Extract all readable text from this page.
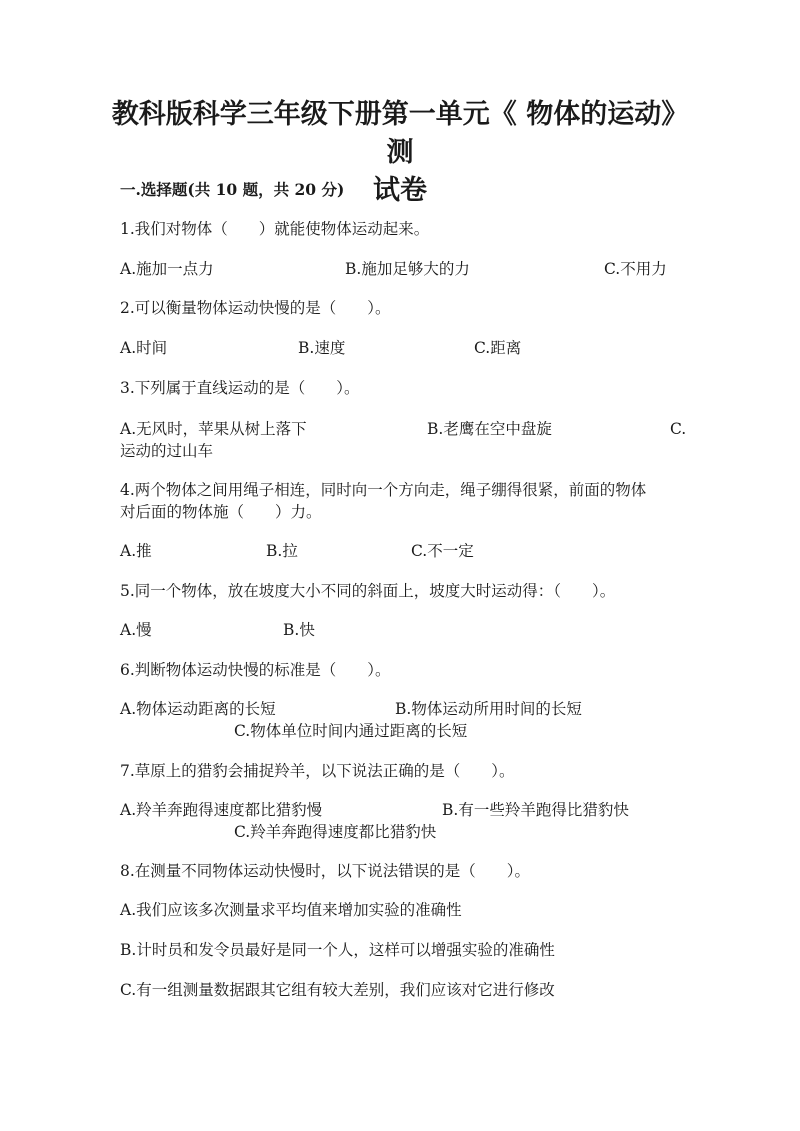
教科版科学三年级下册第一单元《 物体的运动》测
试卷
一.选择题(共 10 题，共 20 分)
1.我们对物体（　　）就能使物体运动起来。
A.施加一点力	B.施加足够大的力	C.不用力
2.可以衡量物体运动快慢的是（　　）。
A.时间	B.速度	C.距离
3.下列属于直线运动的是（　　）。
A.无风时，苹果从树上落下	B.老鹰在空中盘旋	C.
运动的过山车
4.两个物体之间用绳子相连，同时向一个方向走，绳子绷得很紧，前面的物体
对后面的物体施（　　）力。
A.推	B.拉	C.不一定
5.同一个物体，放在坡度大小不同的斜面上，坡度大时运动得：（　　）。
A.慢	B.快
6.判断物体运动快慢的标准是（　　）。
A.物体运动距离的长短	B.物体运动所用时间的长短
C.物体单位时间内通过距离的长短
7.草原上的猎豹会捕捉羚羊，以下说法正确的是（　　）。
A.羚羊奔跑得速度都比猎豹慢	B.有一些羚羊跑得比猎豹快
C.羚羊奔跑得速度都比猎豹快
8.在测量不同物体运动快慢时，以下说法错误的是（　　）。
A.我们应该多次测量求平均值来增加实验的准确性
B.计时员和发令员最好是同一个人，这样可以增强实验的准确性
C.有一组测量数据跟其它组有较大差别，我们应该对它进行修改
